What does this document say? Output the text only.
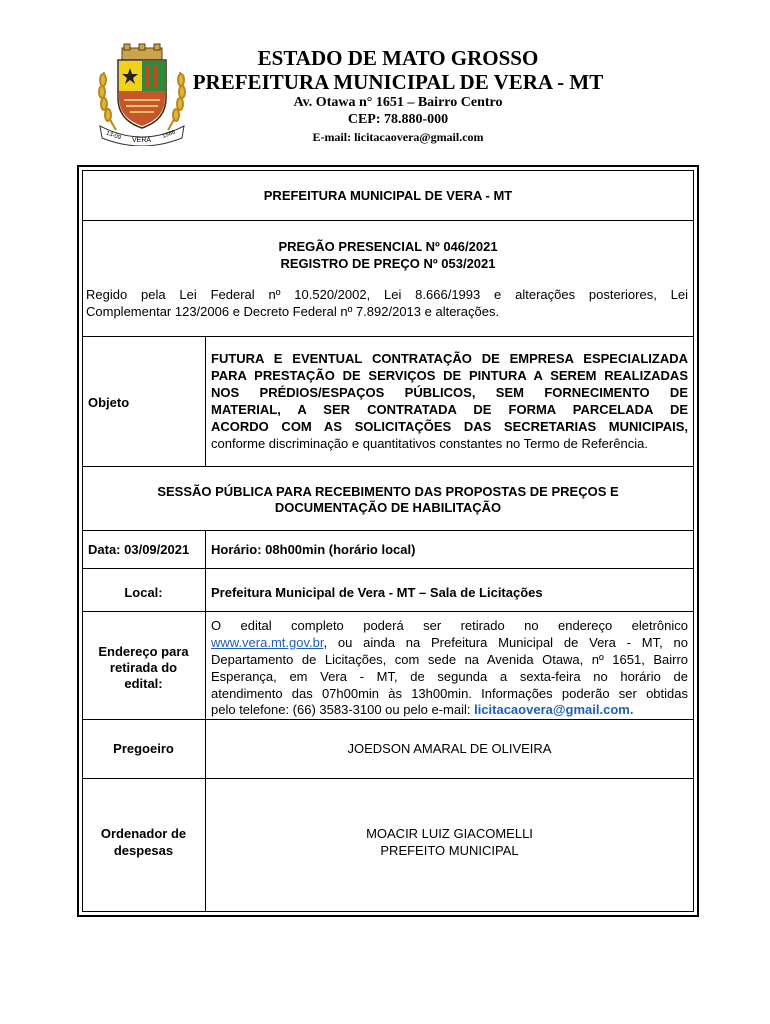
13-09 VERA
1986
ESTADO DE MATO GROSSO
PREFEITURA MUNICIPAL DE VERA - MT
Av. Otawa n° 1651 – Bairro Centro
CEP: 78.880-000
E-mail: licitacaovera@gmail.com
PREFEITURA MUNICIPAL DE VERA - MT
PREGÃO PRESENCIAL Nº 046/2021
REGISTRO DE PREÇO Nº 053/2021
Regido pela Lei Federal nº 10.520/2002, Lei 8.666/1993 e alterações posteriores, Lei
Complementar 123/2006 e Decreto Federal nº 7.892/2013 e alterações.
Objeto
FUTURA E EVENTUAL CONTRATAÇÃO DE EMPRESA ESPECIALIZADA
PARA PRESTAÇÃO DE SERVIÇOS DE PINTURA A SEREM REALIZADAS
NOS PRÉDIOS/ESPAÇOS PÚBLICOS, SEM FORNECIMENTO DE
MATERIAL, A SER CONTRATADA DE FORMA PARCELADA DE
ACORDO COM AS SOLICITAÇÕES DAS SECRETARIAS MUNICIPAIS,
conforme discriminação e quantitativos constantes no Termo de Referência.
SESSÃO PÚBLICA PARA RECEBIMENTO DAS PROPOSTAS DE PREÇOS E
DOCUMENTAÇÃO DE HABILITAÇÃO
Data: 03/09/2021 Horário: 08h00min (horário local)
Local:	Prefeitura Municipal de Vera - MT – Sala de Licitações
Endereço para
retirada do
edital:
O edital completo poderá ser retirado no endereço eletrônico
www.vera.mt.gov.br, ou ainda na Prefeitura Municipal de Vera - MT, no
Departamento de Licitações, com sede na Avenida Otawa, nº 1651, Bairro
Esperança, em Vera - MT, de segunda a sexta-feira no horário de
atendimento das 07h00min às 13h00min. Informações poderão ser obtidas
pelo telefone: (66) 3583-3100 ou pelo e-mail: licitacaovera@gmail.com.
Pregoeiro	JOEDSON AMARAL DE OLIVEIRA
Ordenador de
despesas
MOACIR LUIZ GIACOMELLI
PREFEITO MUNICIPAL
